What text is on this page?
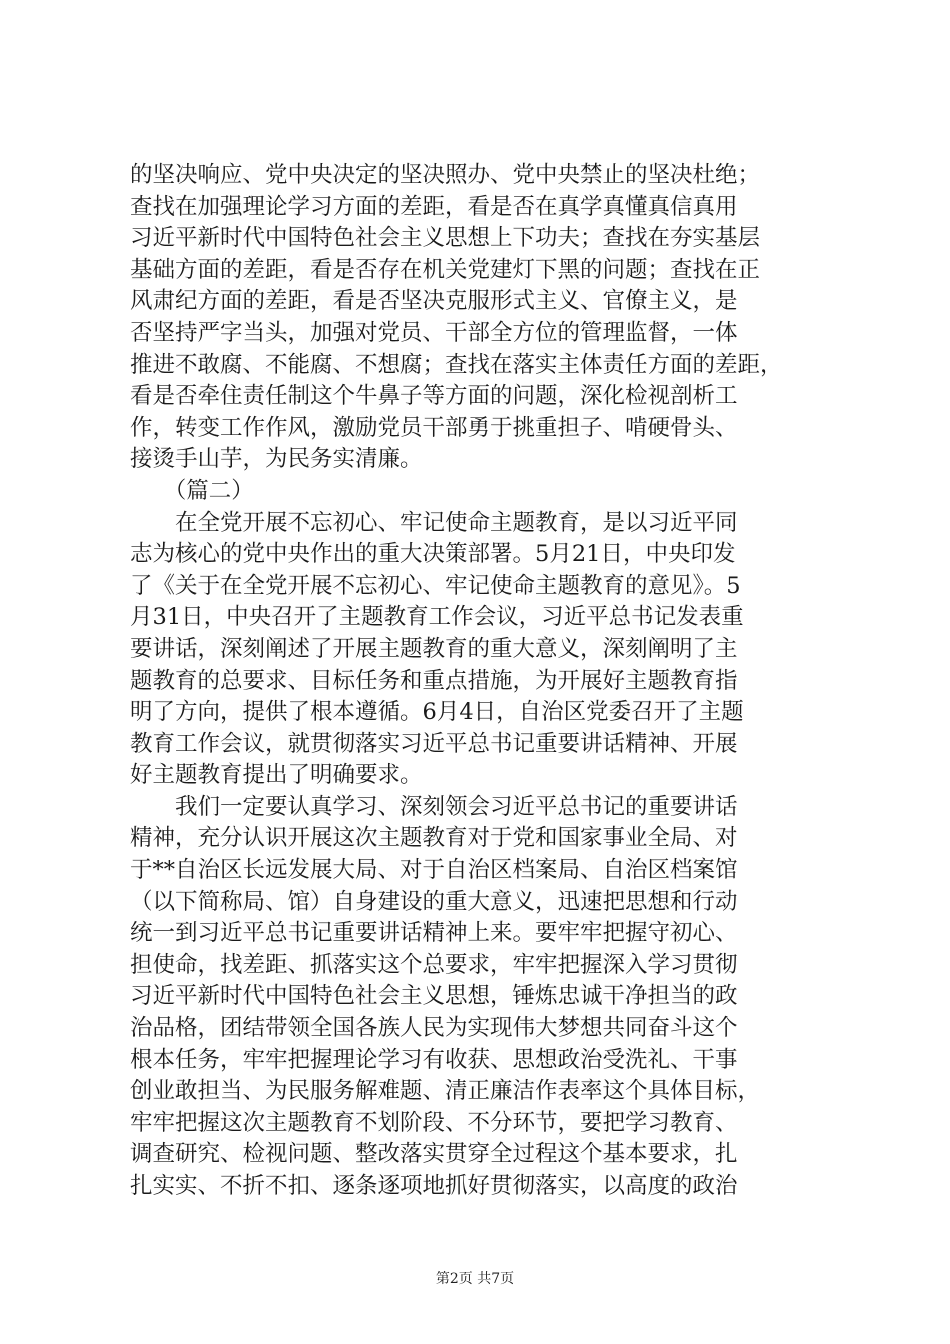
的坚决响应、党中央决定的坚决照办、党中央禁止的坚决杜绝；
查找在加强理论学习方面的差距，看是否在真学真懂真信真用
习近平新时代中国特色社会主义思想上下功夫；查找在夯实基层
基础方面的差距，看是否存在机关党建灯下黑的问题；查找在正
风肃纪方面的差距，看是否坚决克服形式主义、官僚主义，是
否坚持严字当头，加强对党员、干部全方位的管理监督，一体
推进不敢腐、不能腐、不想腐；查找在落实主体责任方面的差距，
看是否牵住责任制这个牛鼻子等方面的问题，深化检视剖析工
作，转变工作作风，激励党员干部勇于挑重担子、啃硬骨头、
接烫手山芋，为民务实清廉。
　　（篇二）
　　在全党开展不忘初心、牢记使命主题教育，是以习近平同
志为核心的党中央作出的重大决策部署。5月21日，中央印发
了《关于在全党开展不忘初心、牢记使命主题教育的意见》。5
月31日，中央召开了主题教育工作会议，习近平总书记发表重
要讲话，深刻阐述了开展主题教育的重大意义，深刻阐明了主
题教育的总要求、目标任务和重点措施，为开展好主题教育指
明了方向，提供了根本遵循。6月4日，自治区党委召开了主题
教育工作会议，就贯彻落实习近平总书记重要讲话精神、开展
好主题教育提出了明确要求。
　　我们一定要认真学习、深刻领会习近平总书记的重要讲话
精神，充分认识开展这次主题教育对于党和国家事业全局、对
于**自治区长远发展大局、对于自治区档案局、自治区档案馆
（以下简称局、馆）自身建设的重大意义，迅速把思想和行动
统一到习近平总书记重要讲话精神上来。要牢牢把握守初心、
担使命，找差距、抓落实这个总要求，牢牢把握深入学习贯彻
习近平新时代中国特色社会主义思想，锤炼忠诚干净担当的政
治品格，团结带领全国各族人民为实现伟大梦想共同奋斗这个
根本任务，牢牢把握理论学习有收获、思想政治受洗礼、干事
创业敢担当、为民服务解难题、清正廉洁作表率这个具体目标，
牢牢把握这次主题教育不划阶段、不分环节，要把学习教育、
调查研究、检视问题、整改落实贯穿全过程这个基本要求，扎
扎实实、不折不扣、逐条逐项地抓好贯彻落实，以高度的政治
第2页 共7页
